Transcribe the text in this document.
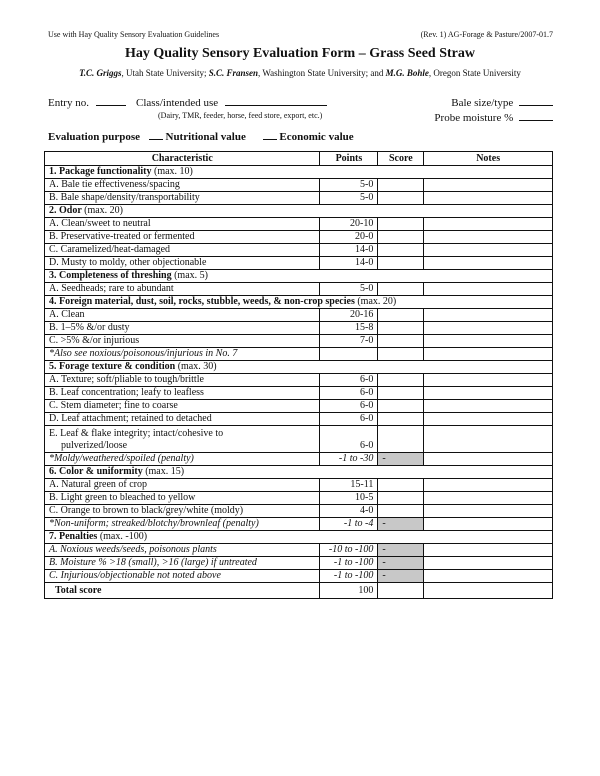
Use with Hay Quality Sensory Evaluation Guidelines	(Rev. 1) AG-Forage & Pasture/2007-01.7
Hay Quality Sensory Evaluation Form – Grass Seed Straw
T.C. Griggs, Utah State University; S.C. Fransen, Washington State University; and M.G. Bohle, Oregon State University
Entry no.	Class/intended use
(Dairy, TMR, feeder, horse, feed store, export, etc.)
Bale size/type
Probe moisture %
Evaluation purpose Nutritional value	Economic value
Characteristic	Points	Score	Notes
1. Package functionality (max. 10)			
A. Bale tie effectiveness/spacing	5-0		
B. Bale shape/density/transportability	5-0		
2. Odor (max. 20)			
A. Clean/sweet to neutral	20-10		
B. Preservative-treated or fermented	20-0		
C. Caramelized/heat-damaged	14-0		
D. Musty to moldy, other objectionable	14-0		
3. Completeness of threshing (max. 5)			
A. Seedheads; rare to abundant	5-0		
4. Foreign material, dust, soil, rocks, stubble, weeds, & non-crop species (max. 20)			
A. Clean	20-16		
B. 1–5% &/or dusty	15-8		
C. >5% &/or injurious	7-0		
*Also see noxious/poisonous/injurious in No. 7			
5. Forage texture & condition (max. 30)			
A. Texture; soft/pliable to tough/brittle	6-0		
B. Leaf concentration; leafy to leafless	6-0		
C. Stem diameter; fine to coarse	6-0		
D. Leaf attachment; retained to detached	6-0		

E. Leaf & flake integrity; intact/cohesive to
pulverized/loose	6-0		
*Moldy/weathered/spoiled (penalty)	-1 to -30	-	
6. Color & uniformity (max. 15)			
A. Natural green of crop	15-11		
B. Light green to bleached to yellow	10-5		
C. Orange to brown to black/grey/white (moldy)	4-0		
*Non-uniform; streaked/blotchy/brownleaf (penalty)	-1 to -4	-	
7. Penalties (max. -100)			
A. Noxious weeds/seeds, poisonous plants	-10 to -100	-	
B. Moisture % >18 (small), >16 (large) if untreated	-1 to -100	-	
C. Injurious/objectionable not noted above	-1 to -100	-	
Total score	100		
